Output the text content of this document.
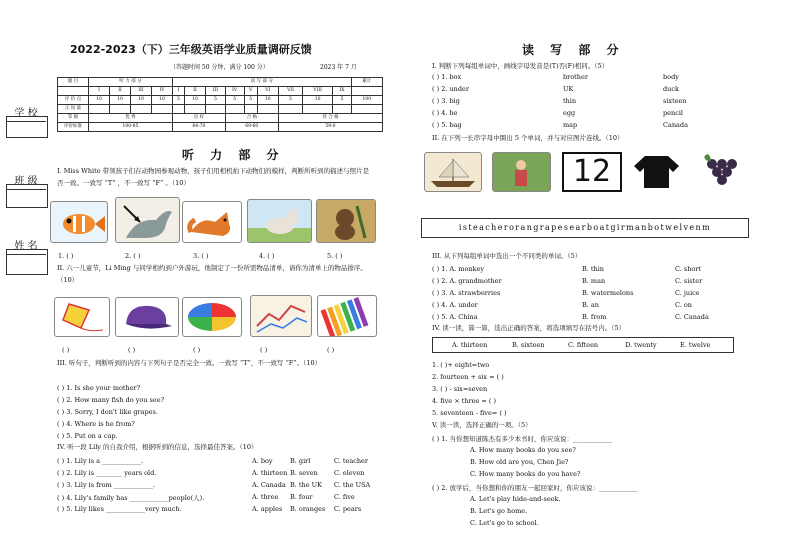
学 校
班 级
姓 名
2022-2023（下）三年级英语学业质量调研反馈
（答题时间 50 分钟，满分 100 分）	2023 年 7 月
题 目	听 力 部 分				读 写 部 分									累计
	I	II	III	IV	I	II	III	IV	V	VI	VII	VIII	IX	
评 价 点	10	10	10	10	5	10	5	5	5	10	5	10	5	100
正 误 量														
等 级	优 秀				良 好			合 格			待 合 格			
评价标准	100-85				84-70			69-60			59-0			
听 力 部 分
I. Miss White 带领孩子们在动物园参观动物，孩子们用相机拍下动物们的模样，判断所听到的描述与照片是否一致。一致写 “T” ，不一致写 “F” 。（10）
1. ( )	2. ( )	3. ( )	4. ( )	5. ( )
II. 六一儿童节，Li Ming 与同学相约到户外游玩，他制定了一份所需物品清单，请你为清单上的物品排序。（10）
( )	( )	( )	( )	( )
III. 听句子，判断听到的内容与下列句子是否完全一致。一致写 “T”，不一致写 “F”。（10）
( ) 1. Is she your mother?
( ) 2. How many fish do you see?
( ) 3. Sorry, I don't like grapes.
( ) 4. Where is he from?
( ) 5. Put on a cap.
IV. 听一段 Lily 的自我介绍，根据听到的信息，选择最佳答案。（10）
( ) 1. Lily is a ____________.	A. boy	B. girl	C. teacher
( ) 2. Lily is ________ years old.	A. thirteen B. seven C. eleven
( ) 3. Lily is from ____________.	A. Canada B. the UK C. the USA
( ) 4. Lily's family has ____________people(人).	A. three B. four	C. five
( ) 5. Lily likes ____________very much.	A. apples B. oranges C. pears
读 写 部 分
I. 判断下列每组单词中，画线字母发音是(T)否(F)相同。（5）
( ) 1. box	brother	body
( ) 2. under	UK	duck
( ) 3. big	thin	sixteen
( ) 4. he	egg	pencil
( ) 5. bag	map	Canada
II. 在下列一长串字母中圈出 5 个单词，并与对应图片连线。（10）
12
isteacherorangrapesearboatgirmanbotwelvenm
III. 从下列每组单词中选出一个不同类的单词。（5）
( ) 1. A. monkey	B. thin	C. short
( ) 2. A. grandmother	B. man	C. sister
( ) 3. A. strawberries	B. watermelons	C. juice
( ) 4. A. under	B. an	C. on
( ) 5. A. China	B. from	C. Canada
IV. 读一读，算一算，选出正确的答案，将选项填写在括号内。（5）
A. thirteen	B. sixteen	C. fifteen	D. twenty	E. twelve
1. ( )+ eight=two
2. fourteen + six = ( )
3. ( ) - six=seven
4. five × three = ( )
5. seventeen - five= ( )
V. 读一读，选择正确的一项。（5）
( ) 1. 当你想知道陈杰有多少本书时，你应该说：____________
A. How many books do you see?
B. How old are you, Chen Jie?
C. How many books do you have?
( ) 2. 放学后，当你想和你的朋友一起回家时，你应该说：____________
A. Let's play hide-and-seek.
B. Let's go home.
C. Let's go to school.
